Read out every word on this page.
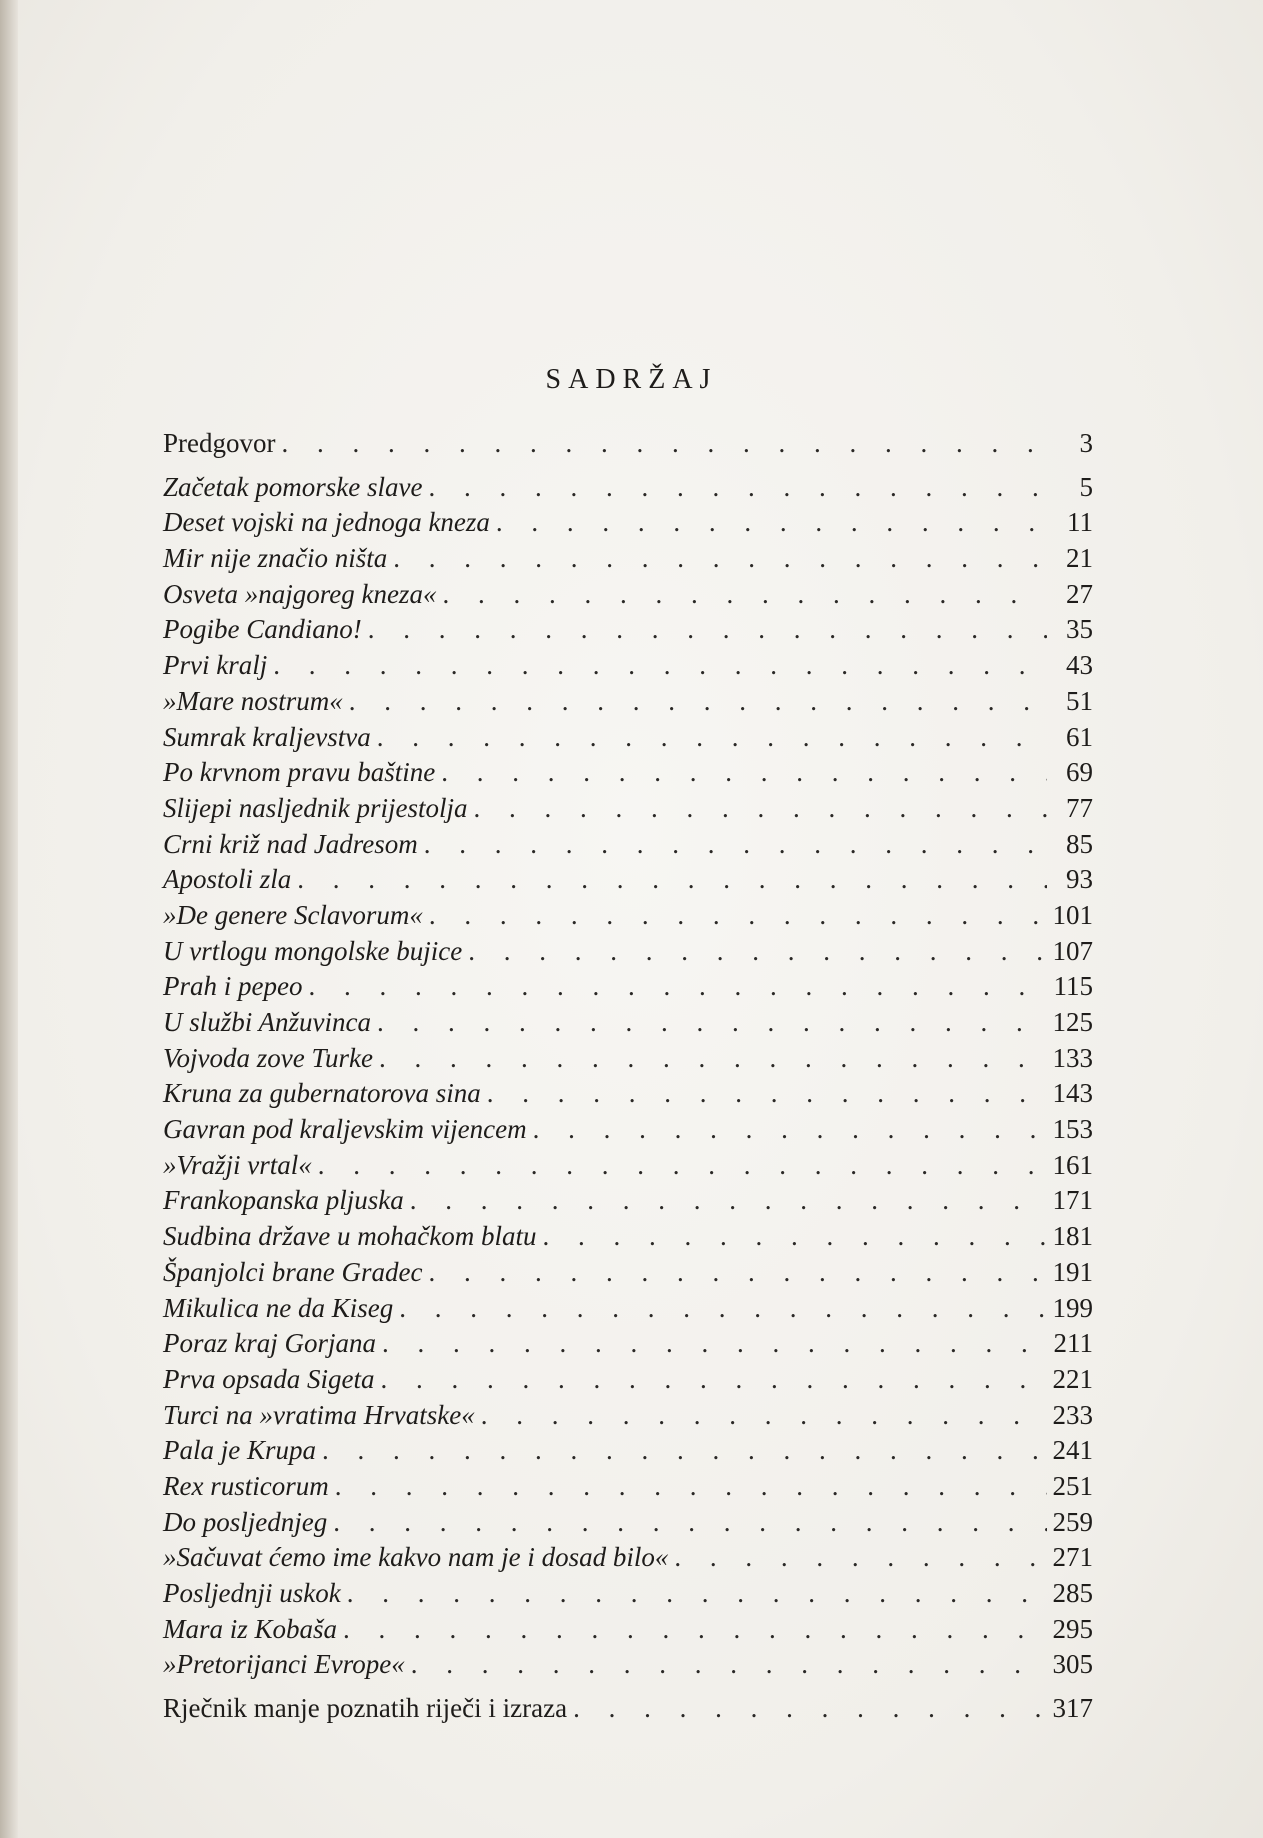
SADRŽAJ
Predgovor . . .	3
Začetak pomorske slave . . .	5
Deset vojski na jednoga kneza . . .	11
Mir nije značio ništa . . .	21
Osveta »najgoreg kneza« . . .	27
Pogibe Candiano! . . .	35
Prvi kralj . . .	43
»Mare nostrum« . . .	51
Sumrak kraljevstva . . .	61
Po krvnom pravu baštine . . .	69
Slijepi nasljednik prijestolja . . .	77
Crni križ nad Jadresom . . .	85
Apostoli zla . . .	93
»De genere Sclavorum« . . .	101
U vrtlogu mongolske bujice . . .	107
Prah i pepeo . . .	115
U službi Anžuvinca . . .	125
Vojvoda zove Turke . . .	133
Kruna za gubernatorova sina . . .	143
Gavran pod kraljevskim vijencem . . .	153
»Vražji vrtal« . . .	161
Frankopanska pljuska . . .	171
Sudbina države u mohačkom blatu . . .	181
Španjolci brane Gradec . . .	191
Mikulica ne da Kiseg . . .	199
Poraz kraj Gorjana . . .	211
Prva opsada Sigeta . . .	221
Turci na »vratima Hrvatske« . . .	233
Pala je Krupa . . .	241
Rex rusticorum . . .	251
Do posljednjeg . . .	259
»Sačuvat ćemo ime kakvo nam je i dosad bilo« . . .	271
Posljednji uskok . . .	285
Mara iz Kobaša . . .	295
»Pretorijanci Evrope« . . .	305
Rječnik manje poznatih riječi i izraza . . .	317
